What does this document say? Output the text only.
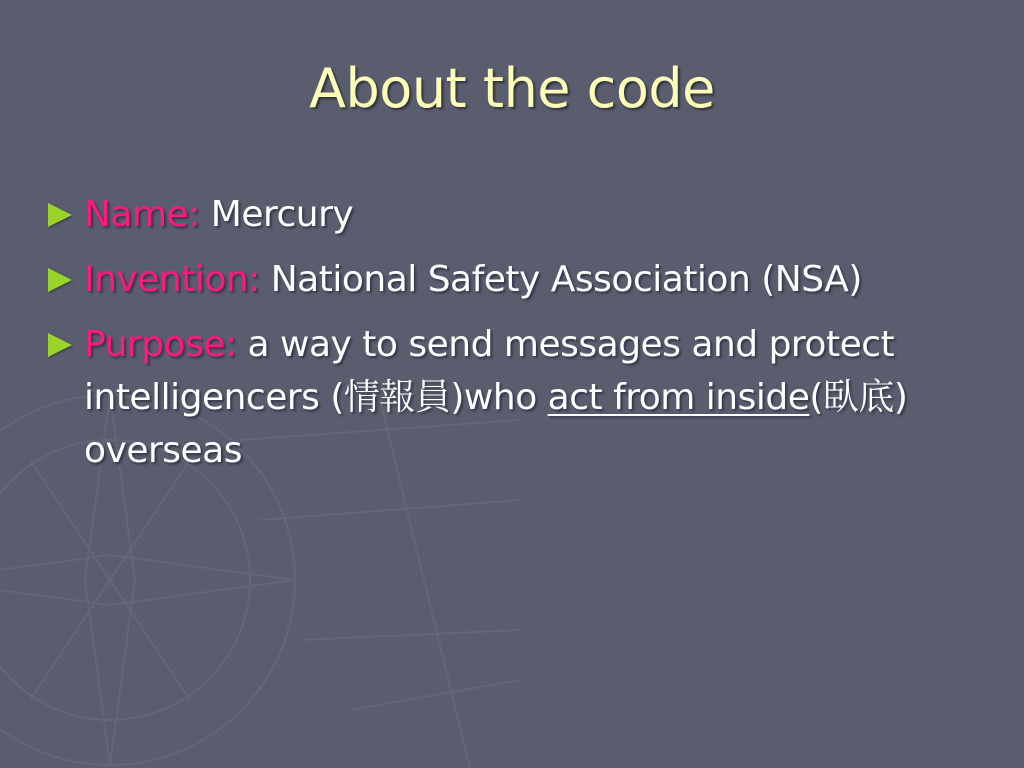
About the code
Name: Mercury
Invention: National Safety Association (NSA)
Purpose: a way to send messages and protect intelligencers (情報員)who act from inside(臥底) overseas
